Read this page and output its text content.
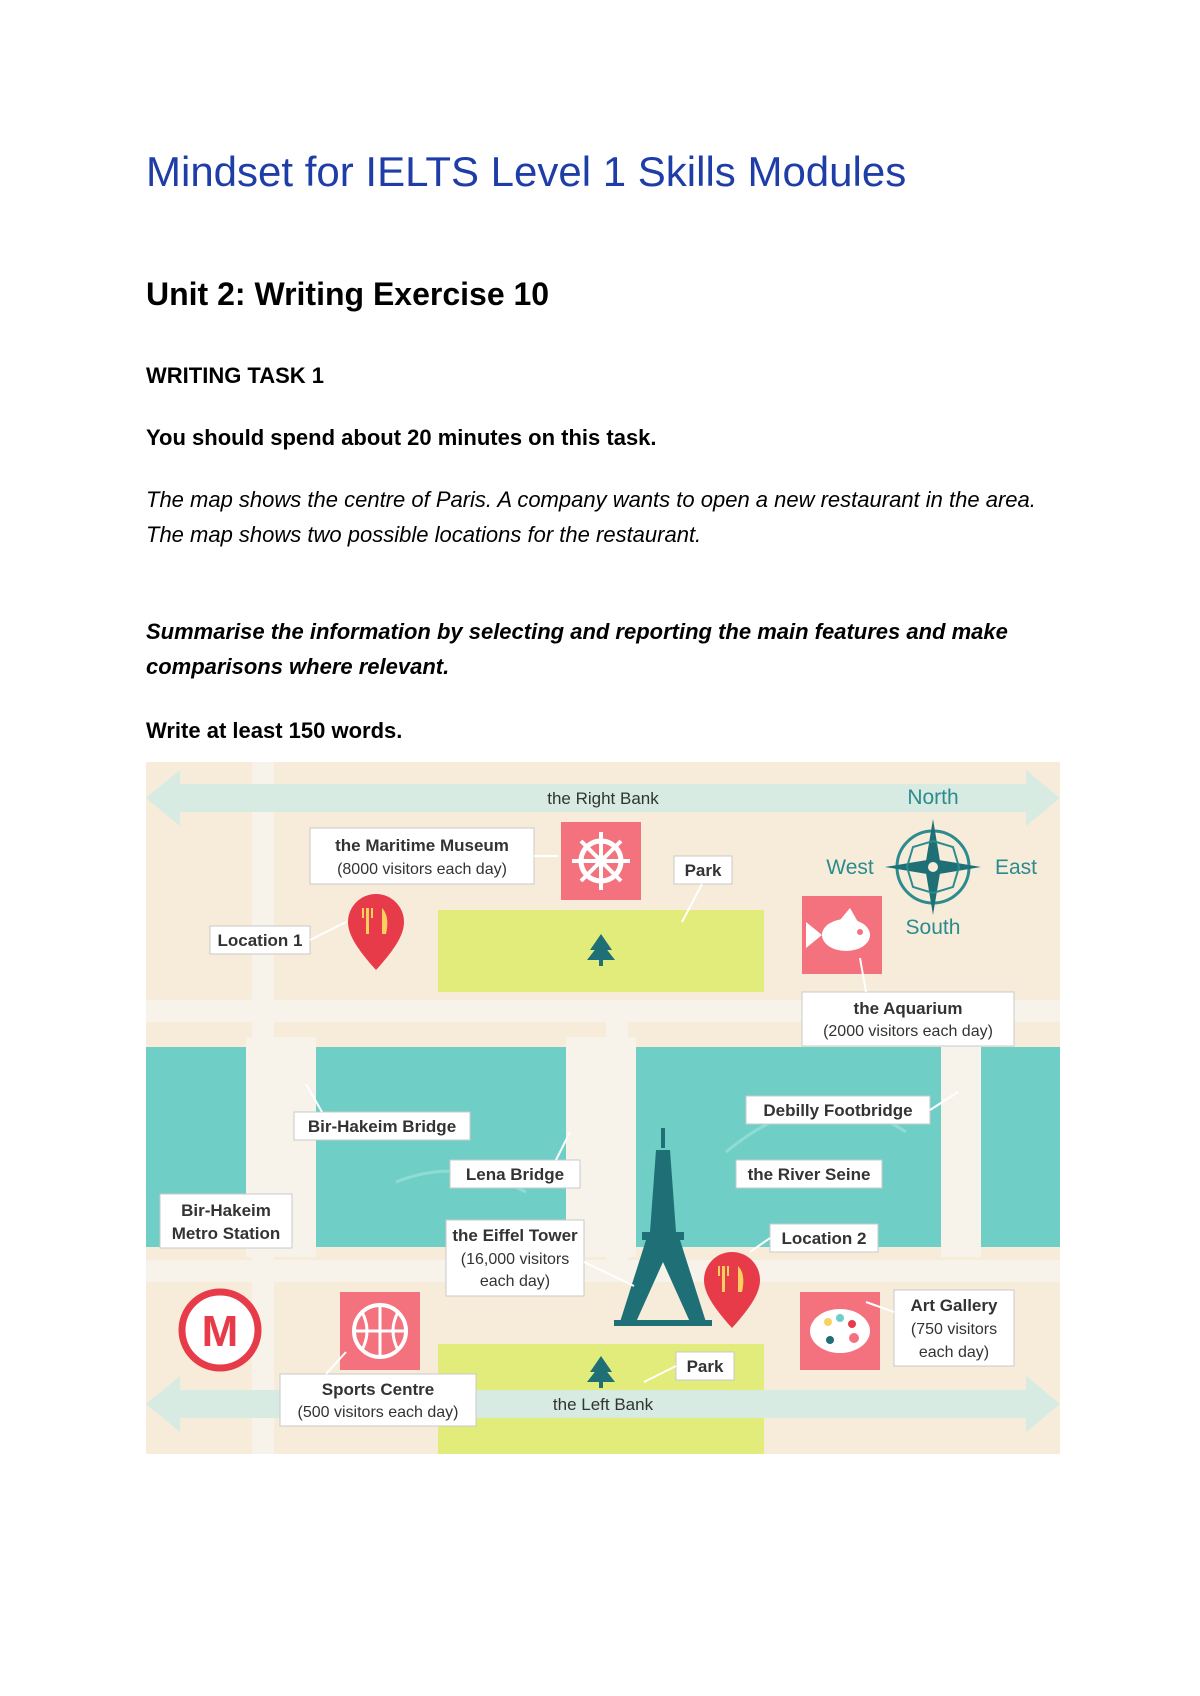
Mindset for IELTS Level 1 Skills Modules
Unit 2: Writing Exercise 10

WRITING TASK 1

You should spend about 20 minutes on this task.

The map shows the centre of Paris. A company wants to open a new restaurant in the area. The map shows two possible locations for the restaurant.

Summarise the information by selecting and reporting the main features and make comparisons where relevant.

Write at least 150 words.

the Right Bank
the Left Bank
North
South
West	East
the Maritime Museum
(8000 visitors each day)	Park
Location 1
the Aquarium
(2000 visitors each day)
Bir-Hakeim Bridge
Lena Bridge
Debilly Footbridge
the River Seine
Bir-Hakeim
Metro Station
M
the Eiffel Tower
(16,000 visitors
each day)
Location 2
Sports Centre
(500 visitors each day)
Park
Art Gallery
(750 visitors
each day)
